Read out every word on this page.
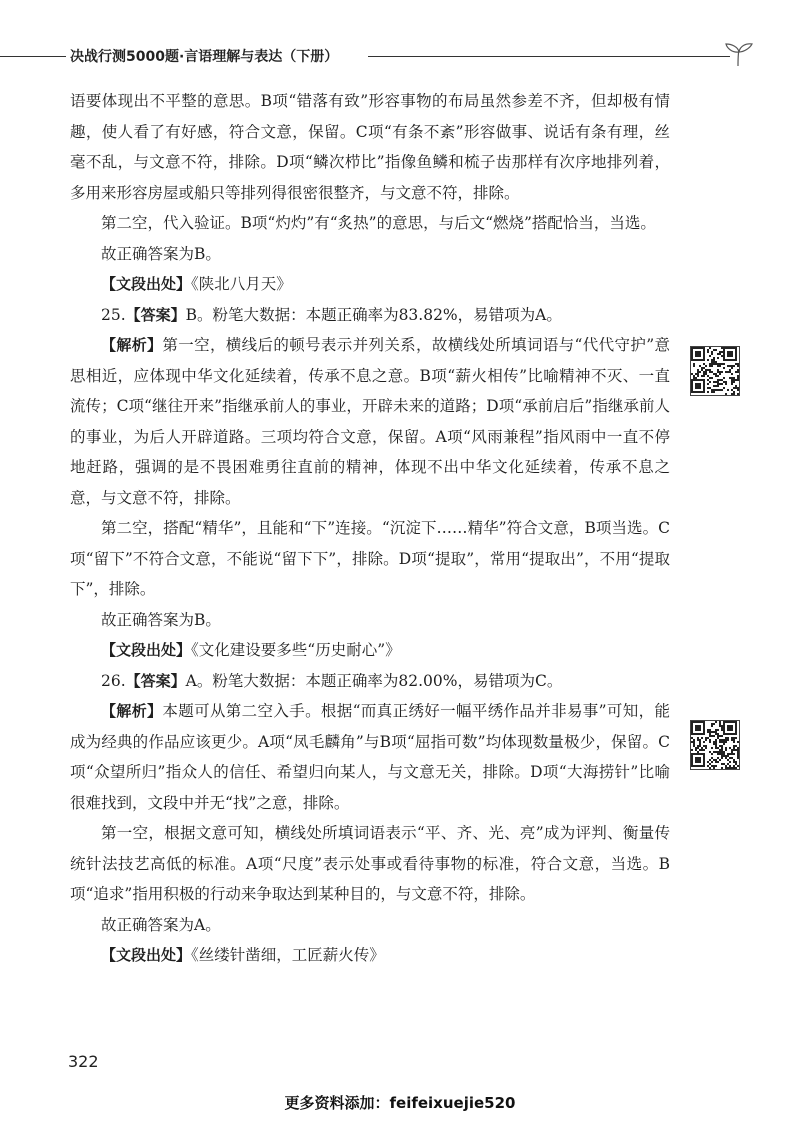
决战行测5000题·言语理解与表达（下册）

语要体现出不平整的意思。B项“错落有致”形容事物的布局虽然参差不齐，但却极有情趣，使人看了有好感，符合文意，保留。C项“有条不紊”形容做事、说话有条有理，丝毫不乱，与文意不符，排除。D项“鳞次栉比”指像鱼鳞和梳子齿那样有次序地排列着，多用来形容房屋或船只等排列得很密很整齐，与文意不符，排除。

第二空，代入验证。B项“灼灼”有“炙热”的意思，与后文“燃烧”搭配恰当，当选。

故正确答案为B。

【文段出处】《陕北八月天》

25.【答案】B。粉笔大数据：本题正确率为83.82%，易错项为A。

【解析】第一空，横线后的顿号表示并列关系，故横线处所填词语与“代代守护”意思相近，应体现中华文化延续着，传承不息之意。B项“薪火相传”比喻精神不灭、一直流传；C项“继往开来”指继承前人的事业，开辟未来的道路；D项“承前启后”指继承前人的事业，为后人开辟道路。三项均符合文意，保留。A项“风雨兼程”指风雨中一直不停地赶路，强调的是不畏困难勇往直前的精神，体现不出中华文化延续着，传承不息之意，与文意不符，排除。

第二空，搭配“精华”，且能和“下”连接。“沉淀下……精华”符合文意，B项当选。C项“留下”不符合文意，不能说“留下下”，排除。D项“提取”，常用“提取出”，不用“提取下”，排除。

故正确答案为B。

【文段出处】《文化建设要多些“历史耐心”》

26.【答案】A。粉笔大数据：本题正确率为82.00%，易错项为C。

【解析】本题可从第二空入手。根据“而真正绣好一幅平绣作品并非易事”可知，能成为经典的作品应该更少。A项“凤毛麟角”与B项“屈指可数”均体现数量极少，保留。C项“众望所归”指众人的信任、希望归向某人，与文意无关，排除。D项“大海捞针”比喻很难找到，文段中并无“找”之意，排除。

第一空，根据文意可知，横线处所填词语表示“平、齐、光、亮”成为评判、衡量传统针法技艺高低的标准。A项“尺度”表示处事或看待事物的标准，符合文意，当选。B项“追求”指用积极的行动来争取达到某种目的，与文意不符，排除。

故正确答案为A。

【文段出处】《丝缕针凿细，工匠薪火传》

322
更多资料添加：feifeixuejie520
